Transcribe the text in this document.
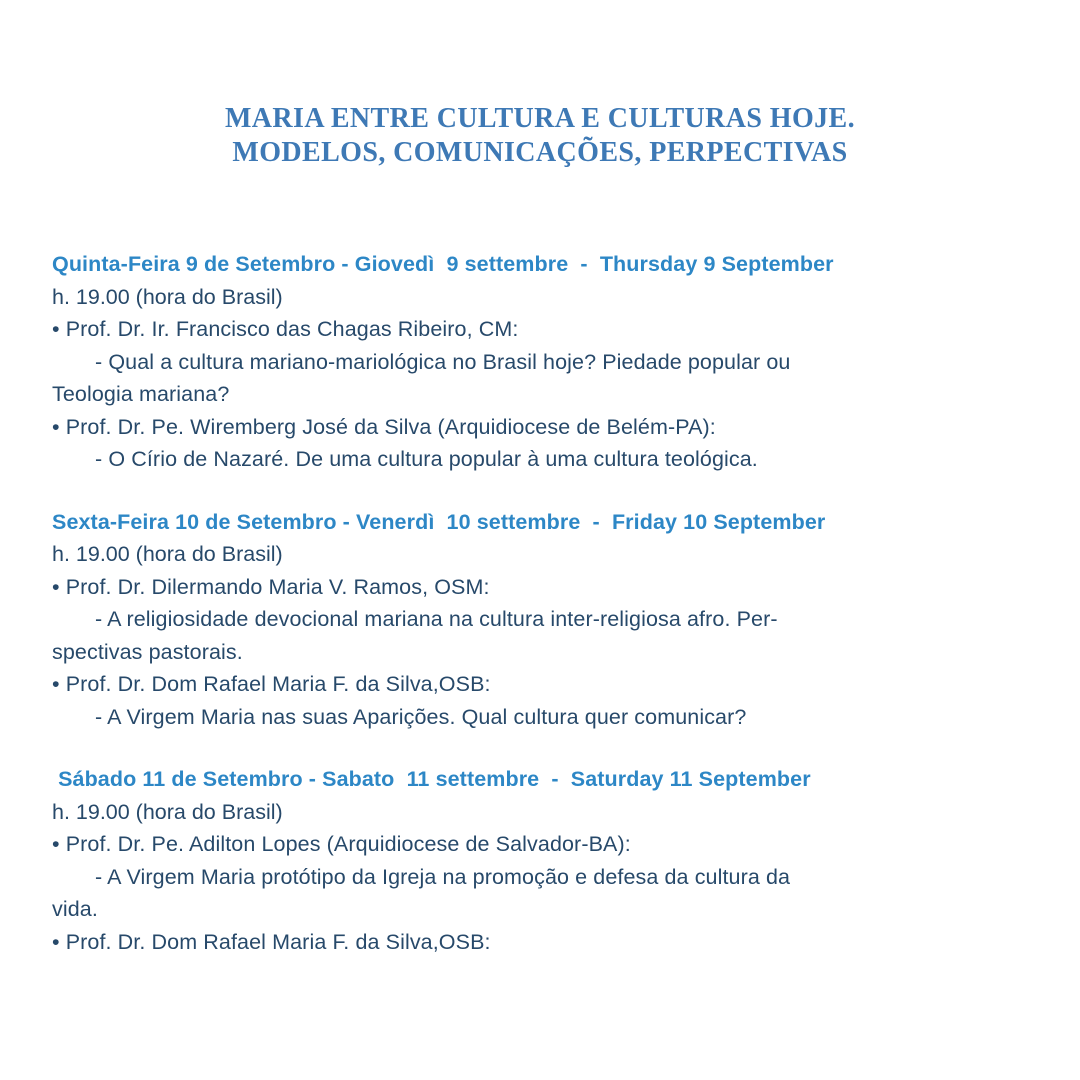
MARIA ENTRE CULTURA E CULTURAS HOJE.
MODELOS, COMUNICAÇÕES, PERPECTIVAS
Quinta-Feira 9 de Setembro - Giovedì  9 settembre  -  Thursday 9 September
h. 19.00 (hora do Brasil)
• Prof. Dr. Ir. Francisco das Chagas Ribeiro, CM:
- Qual a cultura mariano-mariológica no Brasil hoje? Piedade popular ou
Teologia mariana?
• Prof. Dr. Pe. Wiremberg José da Silva (Arquidiocese de Belém-PA):
- O Círio de Nazaré. De uma cultura popular à uma cultura teológica.
Sexta-Feira 10 de Setembro - Venerdì  10 settembre  -  Friday 10 September
h. 19.00 (hora do Brasil)
• Prof. Dr. Dilermando Maria V. Ramos, OSM:
- A religiosidade devocional mariana na cultura inter-religiosa afro. Per-
spectivas pastorais.
• Prof. Dr. Dom Rafael Maria F. da Silva,OSB:
- A Virgem Maria nas suas Aparições. Qual cultura quer comunicar?
Sábado 11 de Setembro - Sabato  11 settembre  -  Saturday 11 September
h. 19.00 (hora do Brasil)
• Prof. Dr. Pe. Adilton Lopes (Arquidiocese de Salvador-BA):
- A Virgem Maria protótipo da Igreja na promoção e defesa da cultura da
vida.
• Prof. Dr. Dom Rafael Maria F. da Silva,OSB:
